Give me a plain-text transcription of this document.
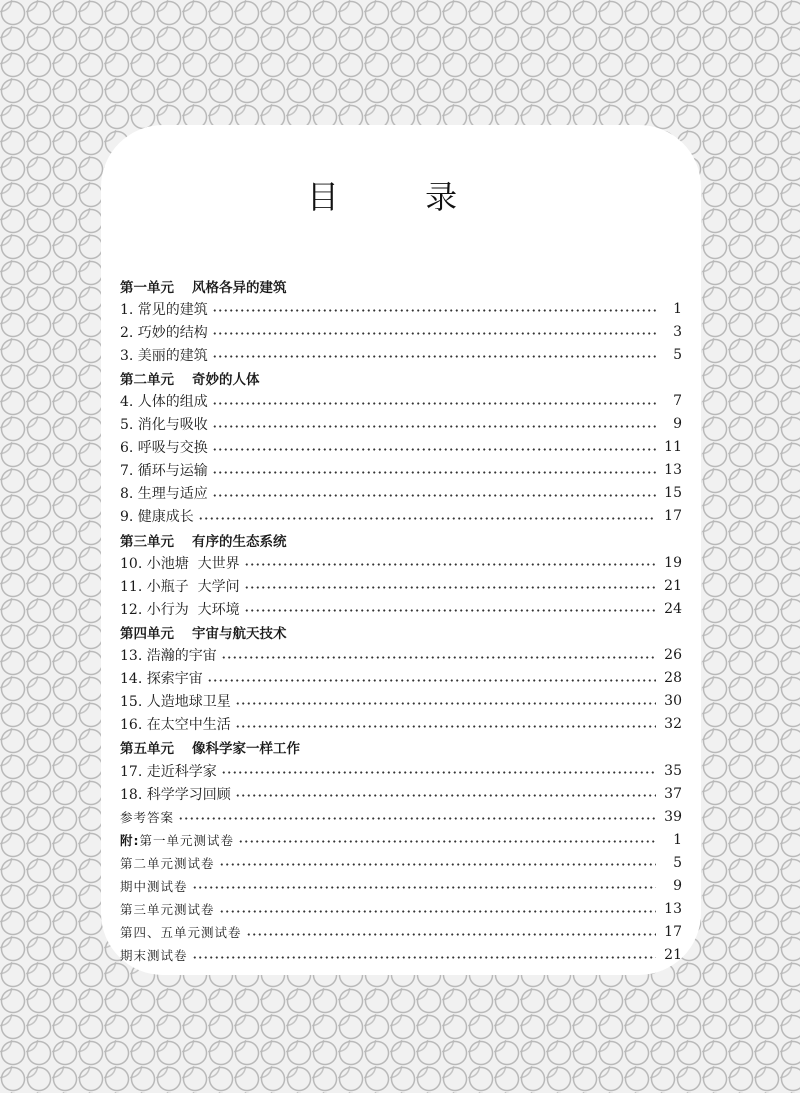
目 录
第一单元 风格各异的建筑
1. 常见的建筑	1
2. 巧妙的结构	3
3. 美丽的建筑	5
第二单元 奇妙的人体
4. 人体的组成	7
5. 消化与吸收	9
6. 呼吸与交换	11
7. 循环与运输	13
8. 生理与适应	15
9. 健康成长	17
第三单元 有序的生态系统
10. 小池塘  大世界	19
11. 小瓶子  大学问	21
12. 小行为  大环境	24
第四单元 宇宙与航天技术
13. 浩瀚的宇宙	26
14. 探索宇宙	28
15. 人造地球卫星	30
16. 在太空中生活	32
第五单元 像科学家一样工作
17. 走近科学家	35
18. 科学学习回顾	37
参考答案	39
附:第一单元测试卷	1
第二单元测试卷	5
期中测试卷	9
第三单元测试卷	13
第四、五单元测试卷	17
期末测试卷	21
